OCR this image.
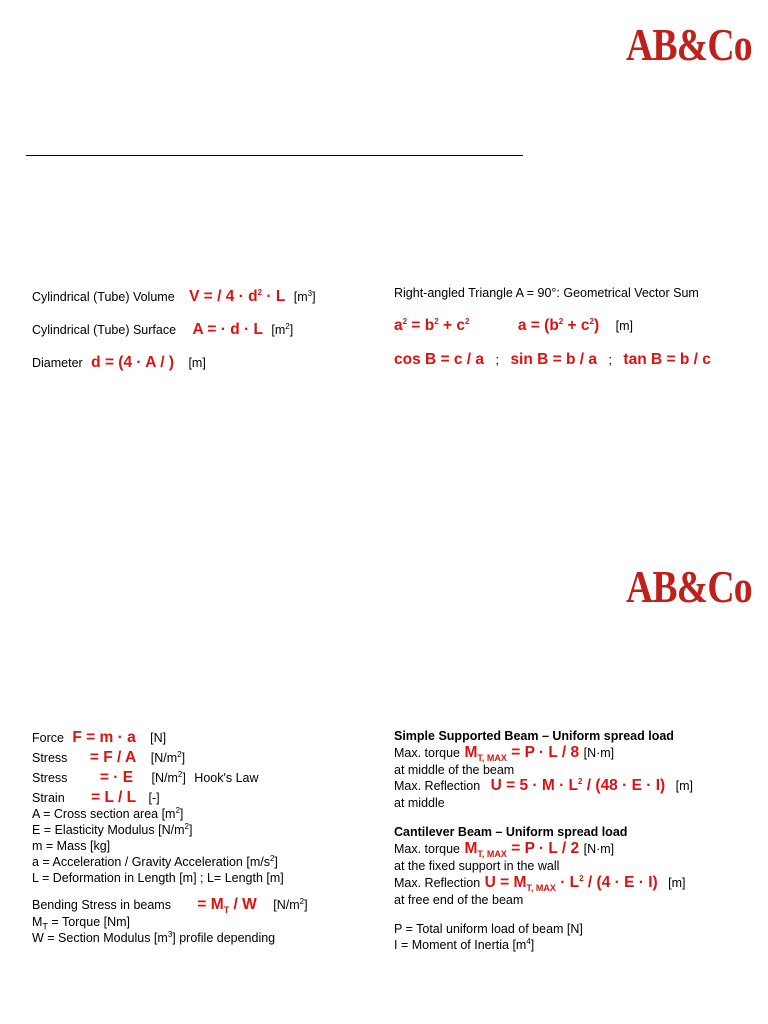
AB&Co
AB&Co
Cylindrical (Tube) Volume V = / $4 \cdot d^2 \cdot L$ $[m^3]$
Cylindrical (Tube) Surface A = · d · L $[m^2]$
Diameter d = (4 · A / ) [m]
Right-angled Triangle A = 90°: Geometrical Vector Sum
$a^2 = b^2 + c^2$	$a = (b^2 + c^2)$ [m]
cos B = c / a ; sin B = b / a ; tan B = b / c
Force F = m · a [N]
Stress = F / A $[N/m^2]$
Stress = · E $[N/m^2]$ Hook's Law
Strain = L / L [-]
A = Cross section area $[m^2]$
E = Elasticity Modulus $[N/m^2]$
m = Mass [kg]
a = Acceleration / Gravity Acceleration $[m/s^2]$
L = Deformation in Length [m] ; L= Length [m]
Bending Stress in beams = $M_T$ / W $[N/m^2]$
$M_T$ = Torque [Nm]
W = Section Modulus $[m^3]$ profile depending
Simple Supported Beam – Uniform spread load
Max. torque $M_{T, MAX} = P \cdot L / 8$ [N·m]
at middle of the beam
Max. Reflection $U = 5 \cdot M \cdot L^2 / (48 \cdot E \cdot I)$ [m]
at middle
Cantilever Beam – Uniform spread load
Max. torque $M_{T, MAX} = P \cdot L / 2$ [N·m]
at the fixed support in the wall
Max. Reflection $U = M_{T, MAX} \cdot L^2 / (4 \cdot E \cdot I)$ [m]
at free end of the beam
P = Total uniform load of beam [N]
I = Moment of Inertia $[m^4]$
